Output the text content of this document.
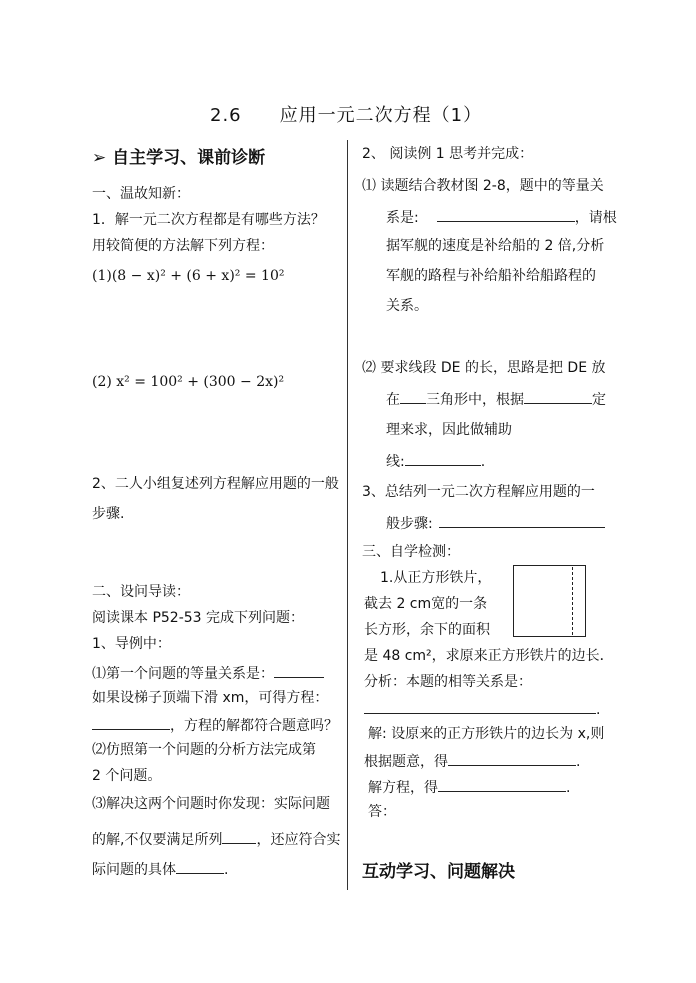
2.6　　应用一元二次方程（1）
➢ 自主学习、课前诊断
一、温故知新：
1．解一元二次方程都是有哪些方法？
用较简便的方法解下列方程：
(1)(8 − x)² + (6 + x)² = 10²
(2) x² = 100² + (300 − 2x)²
2、二人小组复述列方程解应用题的一般
步骤.
二、设问导读：
阅读课本 P52-53 完成下列问题：
1、导例中：
⑴第一个问题的等量关系是：
如果设梯子顶端下滑 xm，可得方程：
，方程的解都符合题意吗？
⑵仿照第一个问题的分析方法完成第
2 个问题。
⑶解决这两个问题时你发现：实际问题
的解,不仅要满足所列 ，还应符合实
际问题的具体	.
2、 阅读例 1 思考并完成：
⑴ 读题结合教材图 2-8，题中的等量关
系是:	，请根
据军舰的速度是补给船的 2 倍,分析
军舰的路程与补给船补给船路程的
关系。
⑵ 要求线段 DE 的长，思路是把 DE 放
在 三角形中，根据	定
理来求，因此做辅助
线:	.
3、总结列一元二次方程解应用题的一
般步骤:
三、自学检测：
1.从正方形铁片，
截去 2 cm宽的一条
长方形，余下的面积
是 48 cm²，求原来正方形铁片的边长．
分析：本题的相等关系是：
.
解: 设原来的正方形铁片的边长为 x,则
根据题意，得	.
解方程，得	.
答：
互动学习、问题解决
